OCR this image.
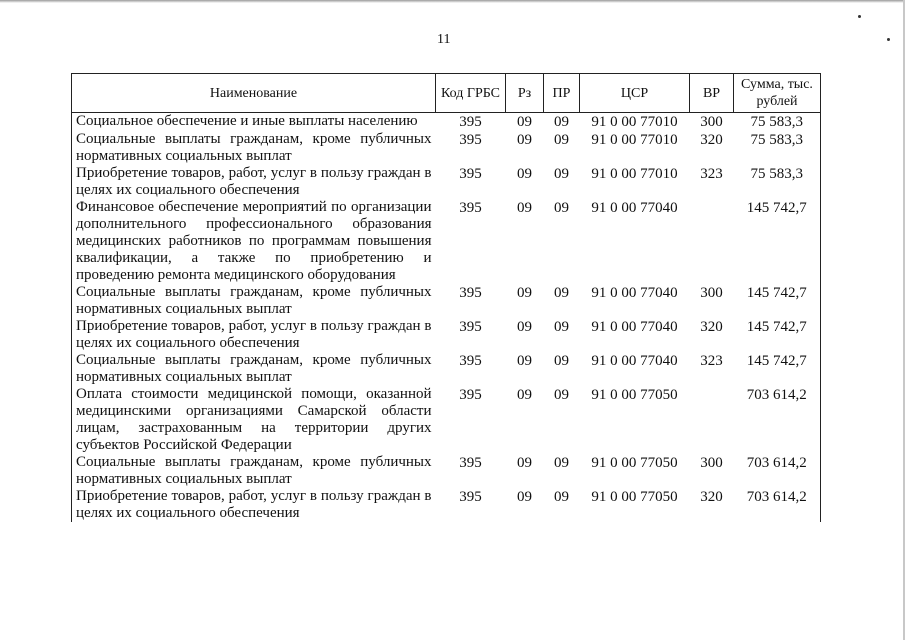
11
Наименование	Код ГРБС	Рз	ПР	ЦСР	ВР	Сумма, тыс. рублей
Социальное обеспечение и иные выплаты населению	395	09	09	91 0 00 77010	300	75 583,3
Социальные выплаты гражданам, кроме публичных нормативных социальных выплат	395	09	09	91 0 00 77010	320	75 583,3
Приобретение товаров, работ, услуг в пользу граждан в целях их социального обеспечения	395	09	09	91 0 00 77010	323	75 583,3
Финансовое обеспечение мероприятий по организации дополнительного профессионального образования медицинских работников по программам повышения квалификации, а также по приобретению и проведению ремонта медицинского оборудования	395	09	09	91 0 00 77040		145 742,7
Социальные выплаты гражданам, кроме публичных нормативных социальных выплат	395	09	09	91 0 00 77040	300	145 742,7
Приобретение товаров, работ, услуг в пользу граждан в целях их социального обеспечения	395	09	09	91 0 00 77040	320	145 742,7
Социальные выплаты гражданам, кроме публичных нормативных социальных выплат	395	09	09	91 0 00 77040	323	145 742,7
Оплата стоимости медицинской помощи, оказанной медицинскими организациями Самарской области лицам, застрахованным на территории других субъектов Российской Федерации	395	09	09	91 0 00 77050		703 614,2
Социальные выплаты гражданам, кроме публичных нормативных социальных выплат	395	09	09	91 0 00 77050	300	703 614,2
Приобретение товаров, работ, услуг в пользу граждан в целях их социального обеспечения	395	09	09	91 0 00 77050	320	703 614,2
